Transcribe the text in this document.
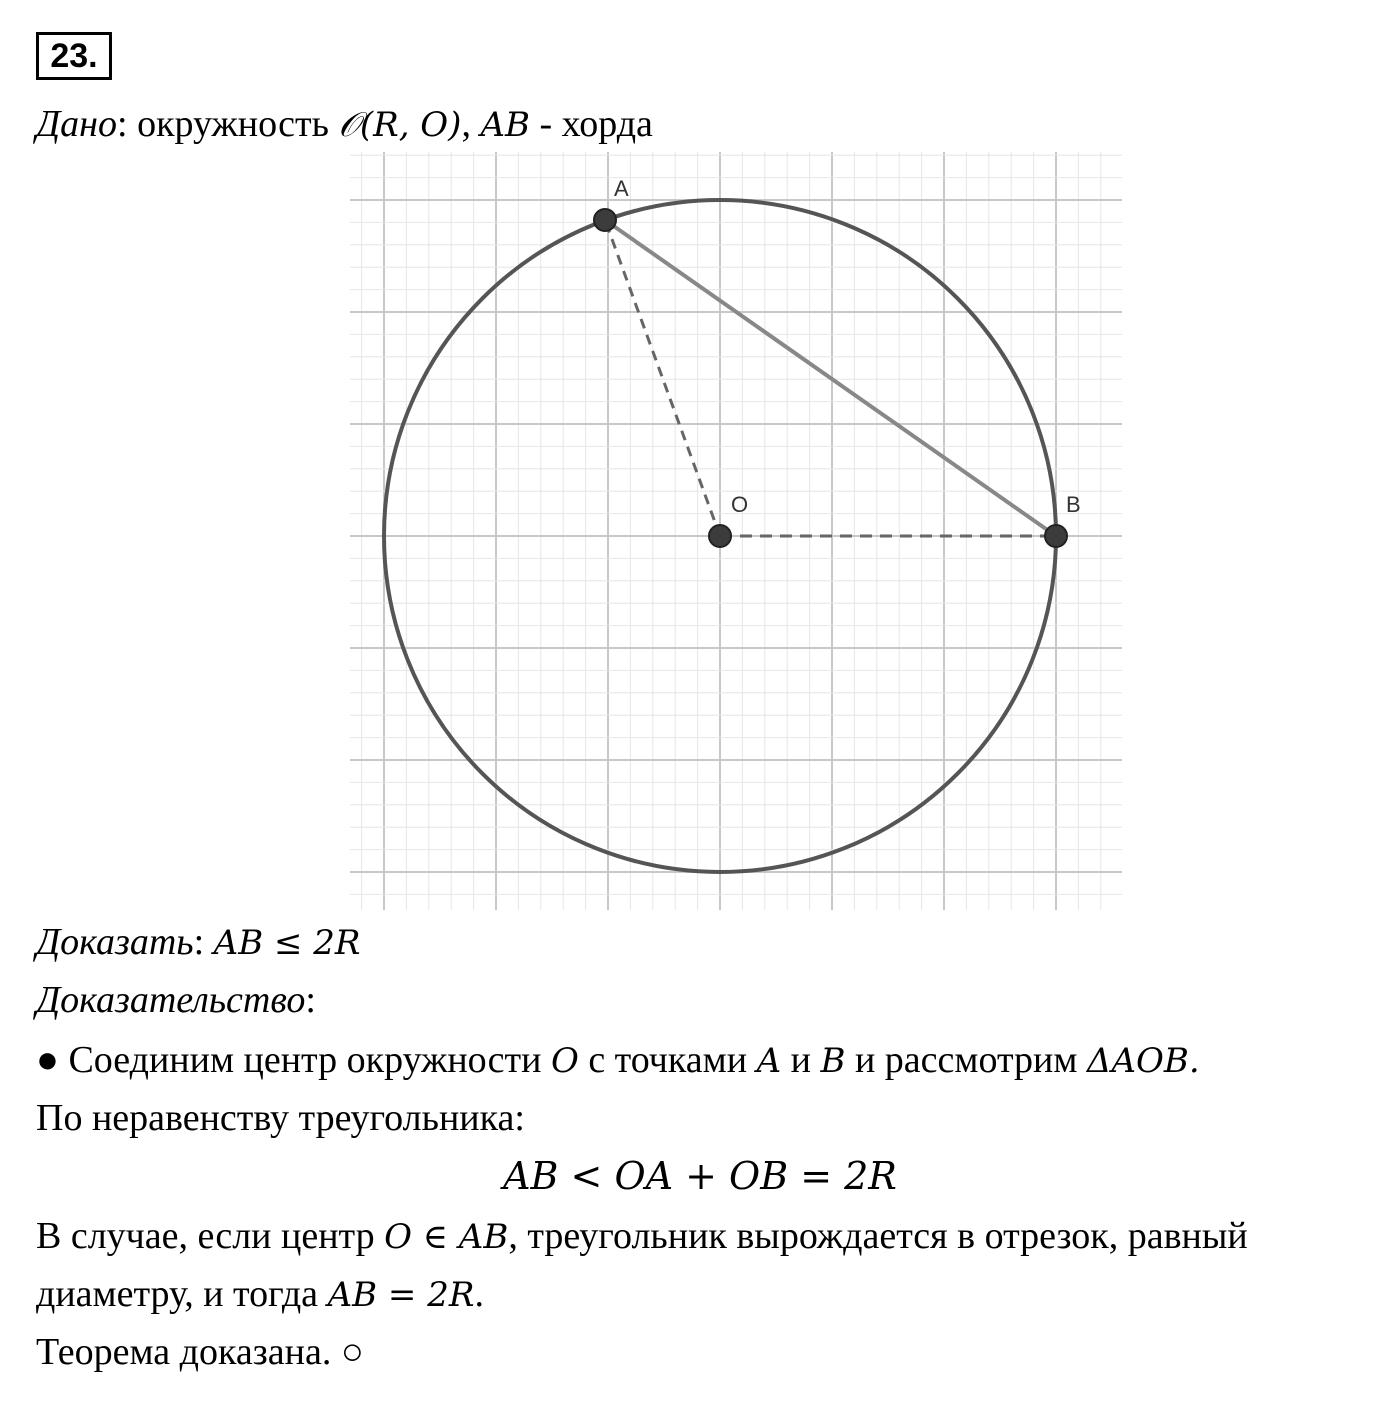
23.
Дано: окружность 𝒪(R, O), AB - хорда
A
O	B
Доказать: AB ≤ 2R
Доказательство:
● Соединим центр окружности O с точками A и B и рассмотрим ΔAOB.
По неравенству треугольника:
AB < OA + OB = 2R
В случае, если центр O ∈ AB, треугольник вырождается в отрезок, равный
диаметру, и тогда AB = 2R.
Теорема доказана. ○
